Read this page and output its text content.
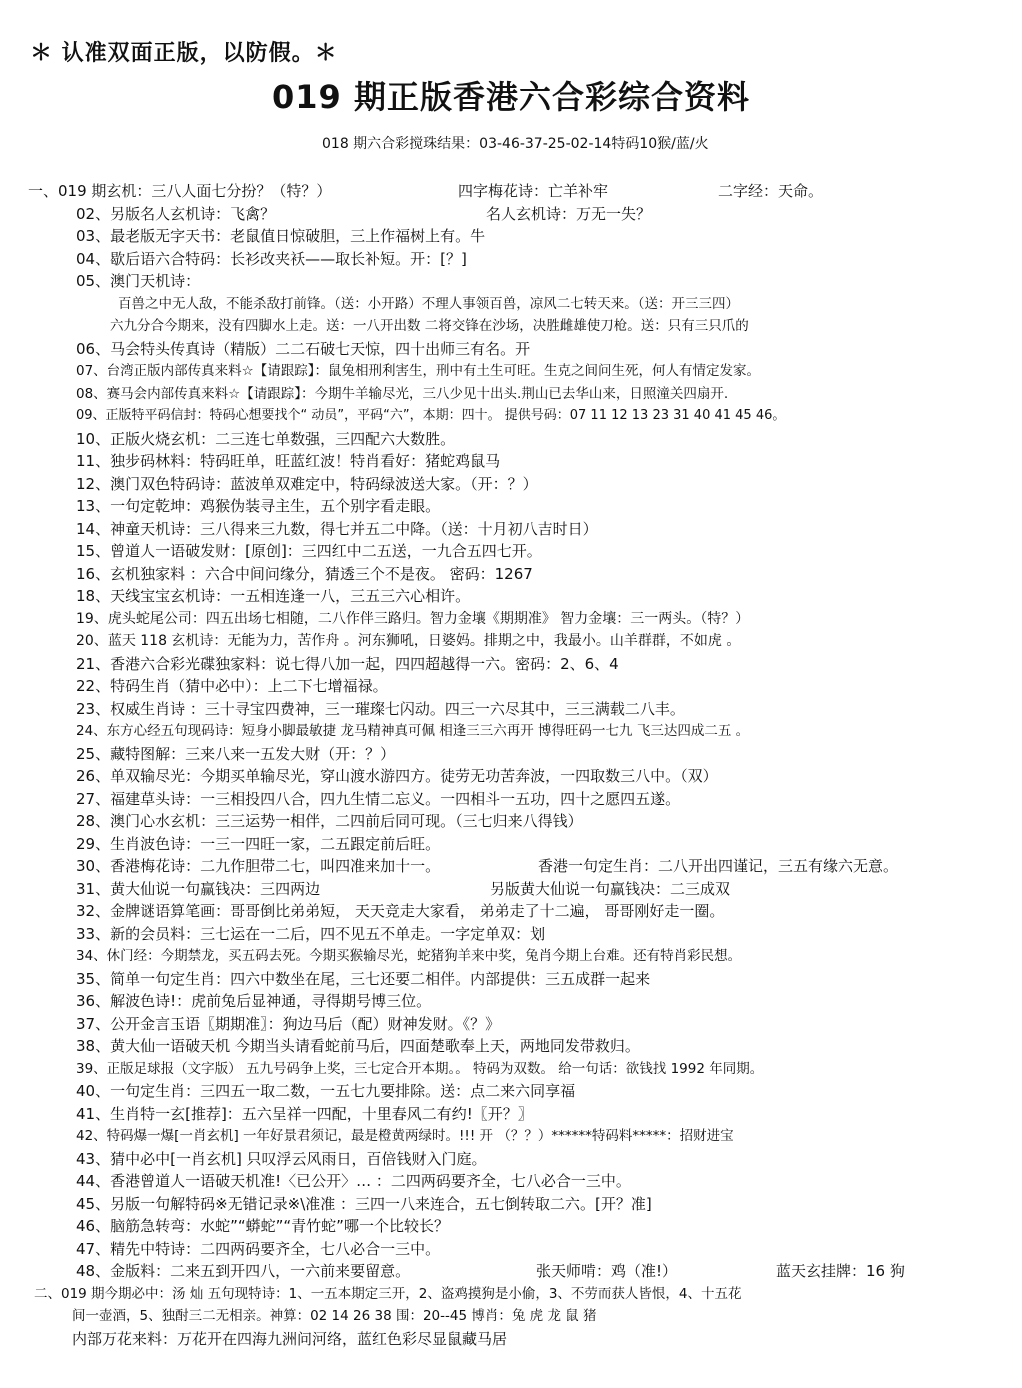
＊ 认准双面正版，以防假。＊
019 期正版香港六合彩综合资料
018 期六合彩搅珠结果：03-46-37-25-02-14特码10猴/蓝/火
一、019 期玄机：三八人面七分扮？（特？）	四字梅花诗：亡羊补牢	二字经：天命。
02、另版名人玄机诗：飞禽？	名人玄机诗：万无一失？
03、最老版无字天书：老鼠值日惊破胆，三上作福树上有。牛
04、歇后语六合特码：长衫改夹袄——取长补短。开：[？]
05、澳门天机诗：
百兽之中无人敌，不能杀敌打前锋。（送：小开路）不理人事领百兽，凉风二七转天来。（送：开三三四）
六九分合今期来，没有四脚水上走。送：一八开出数 二将交锋在沙场，决胜雌雄使刀枪。送：只有三只爪的
06、马会特头传真诗（精版）二二石破七天惊，四十出师三有名。开
07、台湾正版内部传真来料☆【请跟踪】：鼠兔相刑利害生，刑中有土生可旺。生克之间问生死，何人有情定发家。
08、赛马会内部传真来料☆【请跟踪】：今期牛羊输尽光，三八少见十出头.荆山已去华山来，日照潼关四扇开.
09、正版特平码信封：特码心想要找个“ 动员”，平码“六”，本期：四十。 提供号码：07 11 12 13 23 31 40 41 45 46。
10、正版火烧玄机：二三连七单数强，三四配六大数胜。
11、独步码林料：特码旺单，旺蓝红波！特肖看好：猪蛇鸡鼠马
12、澳门双色特码诗：蓝波单双难定中，特码绿波送大家。（开：？）
13、一句定乾坤：鸡猴伪装寻主生，五个别字看走眼。
14、神童天机诗：三八得来三九数，得七并五二中降。（送：十月初八吉时日）
15、曾道人一语破发财：[原创]：三四红中二五送，一九合五四七开。
16、玄机独家料 ：六合中间问缘分，猜透三个不是夜。 密码：1267
18、天线宝宝玄机诗：一五相连逢一八，三五三六心相许。
19、虎头蛇尾公司：四五出场七相随，二八作伴三路归。智力金壤《期期准》 智力金壤：三一两头。（特？）
20、蓝天 118 玄机诗：无能为力，苦作舟 。河东狮吼，日婆妈。排期之中，我最小。山羊群群，不如虎 。
21、香港六合彩光碟独家料：说七得八加一起，四四超越得一六。密码：2、6、4
22、特码生肖（猜中必中）：上二下七增福禄。
23、权威生肖诗 ：三十寻宝四费神，三一璀璨七闪动。四三一六尽其中，三三满载二八丰。
24、东方心经五句现码诗：短身小脚最敏捷 龙马精神真可佩 相逢三三六再开 博得旺码一七九 飞三达四成二五 。
25、藏特图解：三来八来一五发大财（开：？）
26、单双输尽光：今期买单输尽光，穿山渡水游四方。徒劳无功苦奔波，一四取数三八中。（双）
27、福建草头诗：一三相投四八合，四九生情二忘义。一四相斗一五功，四十之愿四五遂。
28、澳门心水玄机：三三运势一相伴，二四前后同可现。（三七归来八得钱）
29、生肖波色诗：一三一四旺一家，二五跟定前后旺。
30、香港梅花诗：二九作胆带二七，叫四准来加十一。	香港一句定生肖：二八开出四谨记，三五有缘六无意。
31、黄大仙说一句赢钱决：三四两边	另版黄大仙说一句赢钱决：二三成双
32、金牌谜语算笔画：哥哥倒比弟弟短， 天天竞走大家看， 弟弟走了十二遍， 哥哥刚好走一圈。
33、新的会员料：三七运在一二后，四不见五不单走。一字定单双：划
34、休门经：今期禁龙，买五码去死。今期买猴输尽光，蛇猪狗羊来中奖，兔肖今期上台难。还有特肖彩民想。
35、简单一句定生肖：四六中数坐在尾，三七还要二相伴。内部提供：三五成群一起来
36、解波色诗!：虎前兔后显神通，寻得期号博三位。
37、公开金言玉语〖期期准〗：狗边马后（配）财神发财。《？》
38、黄大仙一语破天机 今期当头请看蛇前马后，四面楚歌奉上天，两地同发带救归。
39、正版足球报（文字版） 五九号码争上奖，三七定合开本期。。 特码为双数。 给一句话：欲钱找 1992 年同期。
40、一句定生肖：三四五一取二数，一五七九要排除。送：点二来六同享福
41、生肖特一玄[推荐]：五六呈祥一四配，十里春风二有约!〖开？〗
42、特码爆一爆[一肖玄机] 一年好景君须记，最是橙黄两绿时。!!! 开 （？？）******特码料*****：招财进宝
43、猜中必中[一肖玄机] 只叹浮云风雨日，百倍钱财入门庭。
44、香港曾道人一语破天机准!〈已公开〉… ：二四两码要齐全，七八必合一三中。
45、另版一句解特码※无错记录※\准准 ：三四一八来连合，五七倒转取二六。[开？准]
46、脑筋急转弯：水蛇”“蟒蛇”“青竹蛇”哪一个比较长？
47、精先中特诗：二四两码要齐全，七八必合一三中。
48、金版料：二来五到开四八，一六前来要留意。	张天师啃：鸡（准!）	蓝天玄挂牌：16 狗
二、019 期今期必中：汤 灿 五句现特诗：1、一五本期定三开，2、盗鸡摸狗是小偷，3、不劳而获人皆恨，4、十五花
间一壶酒，5、独酎三二无相亲。神算：02 14 26 38 围：20--45 博肖：兔 虎 龙 鼠 猪
内部万花来料：万花开在四海九洲问河络，蓝红色彩尽显鼠藏马居
